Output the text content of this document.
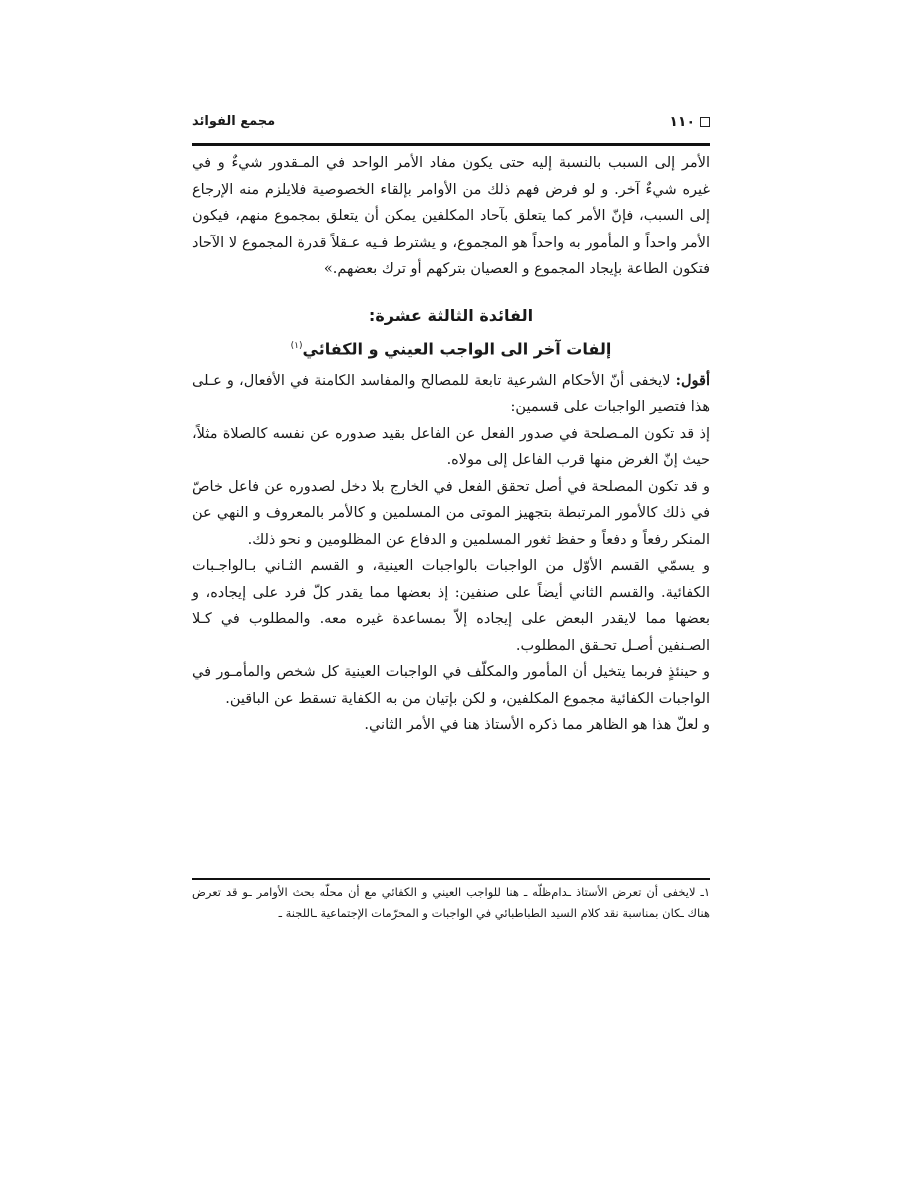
مجمع الفوائد	١١٠

الأمر إلى السبب بالنسبة إليه حتى يكون مفاد الأمر الواحد في المـقدور شيءٌ و في غيره شيءٌ آخر. و لو فرض فهم ذلك من الأوامر بإلقاء الخصوصية فلايلزم منه الإرجاع إلى السبب، فإنّ الأمر كما يتعلق بآحاد المكلفين يمكن أن يتعلق بمجموع منهم، فيكون الأمر واحداً و المأمور به واحداً هو المجموع، و يشترط فـيه عـقلاً قدرة المجموع لا الآحاد فتكون الطاعة بإيجاد المجموع و العصيان بتركهم أو ترك بعضهم.»

الفائدة الثالثة عشرة:

إلفات آخر الى الواجب العيني و الكفائي$^{(١)}$

أقول: لايخفى أنّ الأحكام الشرعية تابعة للمصالح والمفاسد الكامنة في الأفعال، و عـلى هذا فتصير الواجبات على قسمين:

إذ قد تكون المـصلحة في صدور الفعل عن الفاعل بقيد صدوره عن نفسه كالصلاة مثلاً، حيث إنّ الغرض منها قرب الفاعل إلى مولاه.

و قد تكون المصلحة في أصل تحقق الفعل في الخارج بلا دخل لصدوره عن فاعل خاصّ في ذلك كالأمور المرتبطة بتجهيز الموتى من المسلمين و كالأمر بالمعروف و النهي عن المنكر رفعاً و دفعاً و حفظ ثغور المسلمين و الدفاع عن المظلومين و نحو ذلك.

و يسمّي القسم الأوّل من الواجبات بالواجبات العينية، و القسم الثـاني بـالواجـبات الكفائية. والقسم الثاني أيضاً على صنفين: إذ بعضها مما يقدر كلّ فرد على إيجاده، و بعضها مما لايقدر البعض على إيجاده إلاّ بمساعدة غيره معه. والمطلوب في كـلا الصـنفين أصـل تحـقق المطلوب.

و حينئذٍ فربما يتخيل أن المأمور والمكلّف في الواجبات العينية كل شخص والمأمـور في الواجبات الكفائية مجموع المكلفين، و لكن بإتيان من به الكفاية تسقط عن الباقين.

و لعلّ هذا هو الظاهر مما ذكره الأستاذ هنا في الأمر الثاني.

١ـ لايخفى أن تعرض الأستاذ ـدام‌ظلّه ـ هنا للواجب العيني و الكفائي مع أن محلّه بحث الأوامر ـو قد تعرض هناك ـكان بمناسبة نقد كلام السيد الطباطبائي في الواجبات و المحرّمات الإجتماعية ـاللجنة ـ
